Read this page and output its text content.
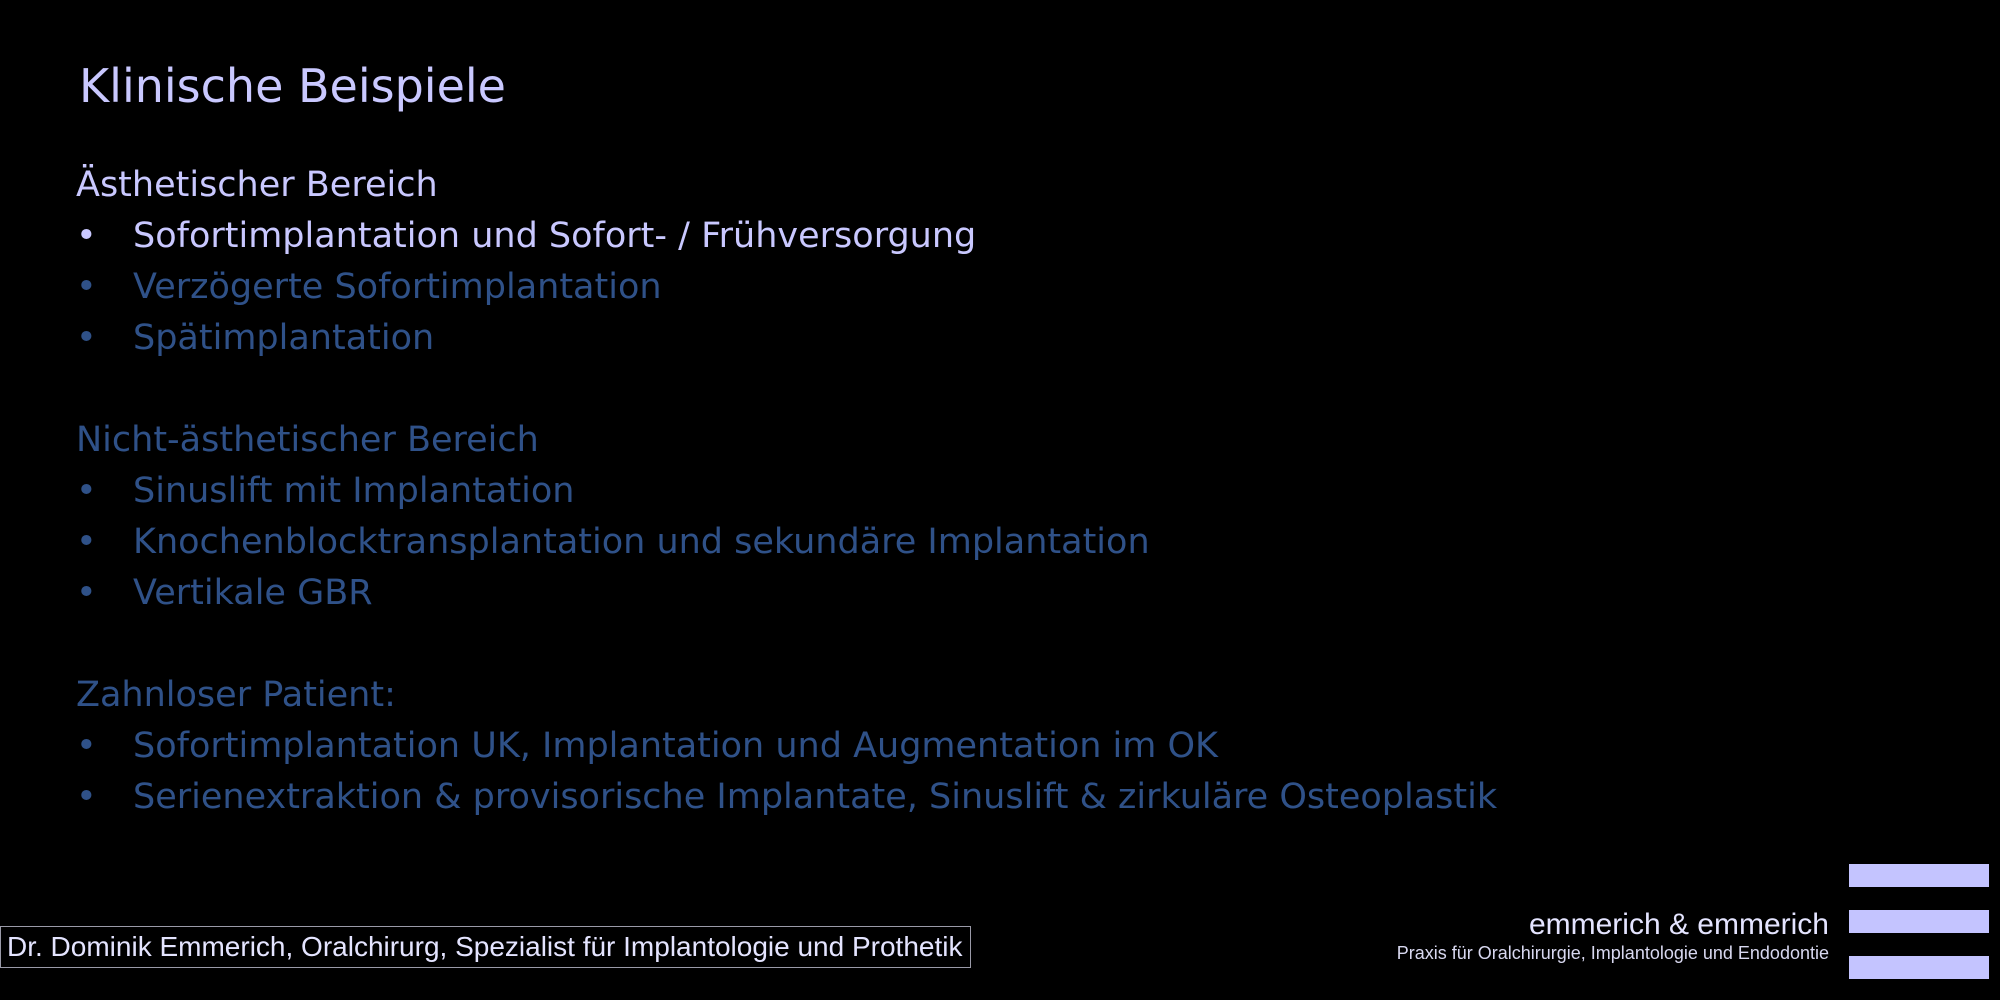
Klinische Beispiele
Ästhetischer Bereich
• Sofortimplantation und Sofort- / Frühversorgung
• Verzögerte Sofortimplantation
• Spätimplantation
Nicht-ästhetischer Bereich
• Sinuslift mit Implantation
• Knochenblocktransplantation und sekundäre Implantation
• Vertikale GBR
Zahnloser Patient:
• Sofortimplantation UK, Implantation und Augmentation im OK
• Serienextraktion & provisorische Implantate, Sinuslift & zirkuläre Osteoplastik
Dr. Dominik Emmerich, Oralchirurg, Spezialist für Implantologie und Prothetik
emmerich & emmerich
Praxis für Oralchirurgie, Implantologie und Endodontie
